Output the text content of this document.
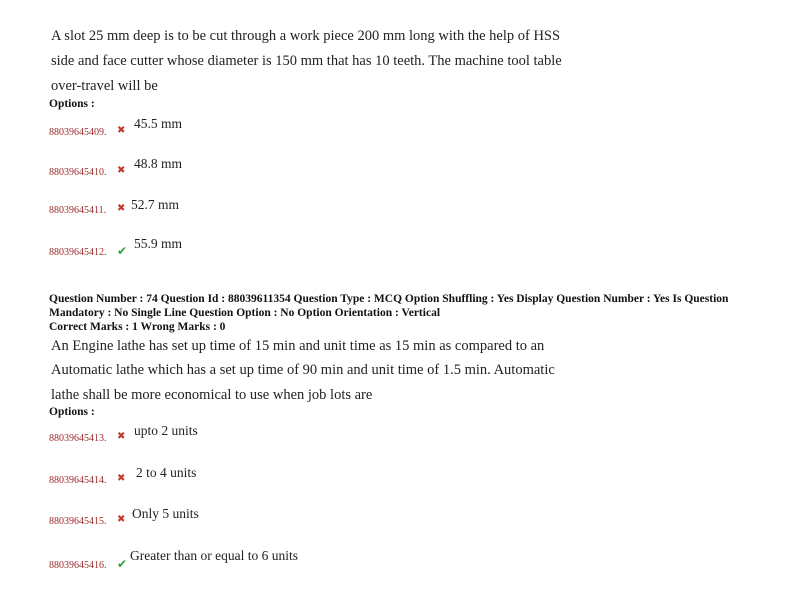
A slot 25 mm deep is to be cut through a work piece 200 mm long with the help of HSS
side and face cutter whose diameter is 150 mm that has 10 teeth. The machine tool table
over-travel will be
Options :
88039645409. ✖ 45.5 mm
88039645410. ✖ 48.8 mm
88039645411. ✖ 52.7 mm
88039645412. ✔ 55.9 mm
Question Number : 74 Question Id : 88039611354 Question Type : MCQ Option Shuffling : Yes Display Question Number : Yes Is Question
Mandatory : No Single Line Question Option : No Option Orientation : Vertical
Correct Marks : 1 Wrong Marks : 0
An Engine lathe has set up time of 15 min and unit time as 15 min as compared to an
Automatic lathe which has a set up time of 90 min and unit time of 1.5 min. Automatic
lathe shall be more economical to use when job lots are
Options :
88039645413. ✖ upto 2 units
88039645414. ✖ 2 to 4 units
88039645415. ✖ Only 5 units
88039645416. ✔
Greater than or equal to 6 units
